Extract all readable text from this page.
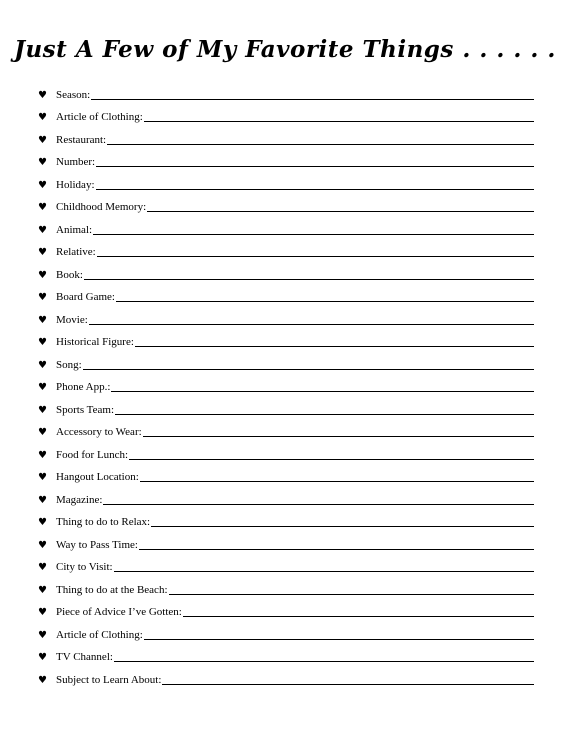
Just A Few of My Favorite Things . . . . . .
♥ Season:
♥ Article of Clothing:
♥ Restaurant:
♥ Number:
♥ Holiday:
♥ Childhood Memory:
♥ Animal:
♥ Relative:
♥ Book:
♥ Board Game:
♥ Movie:
♥ Historical Figure:
♥ Song:
♥ Phone App.:
♥ Sports Team:
♥ Accessory to Wear:
♥ Food for Lunch:
♥ Hangout Location:
♥ Magazine:
♥ Thing to do to Relax:
♥ Way to Pass Time:
♥ City to Visit:
♥ Thing to do at the Beach:
♥ Piece of Advice I’ve Gotten:
♥ Article of Clothing:
♥ TV Channel:
♥ Subject to Learn About:
